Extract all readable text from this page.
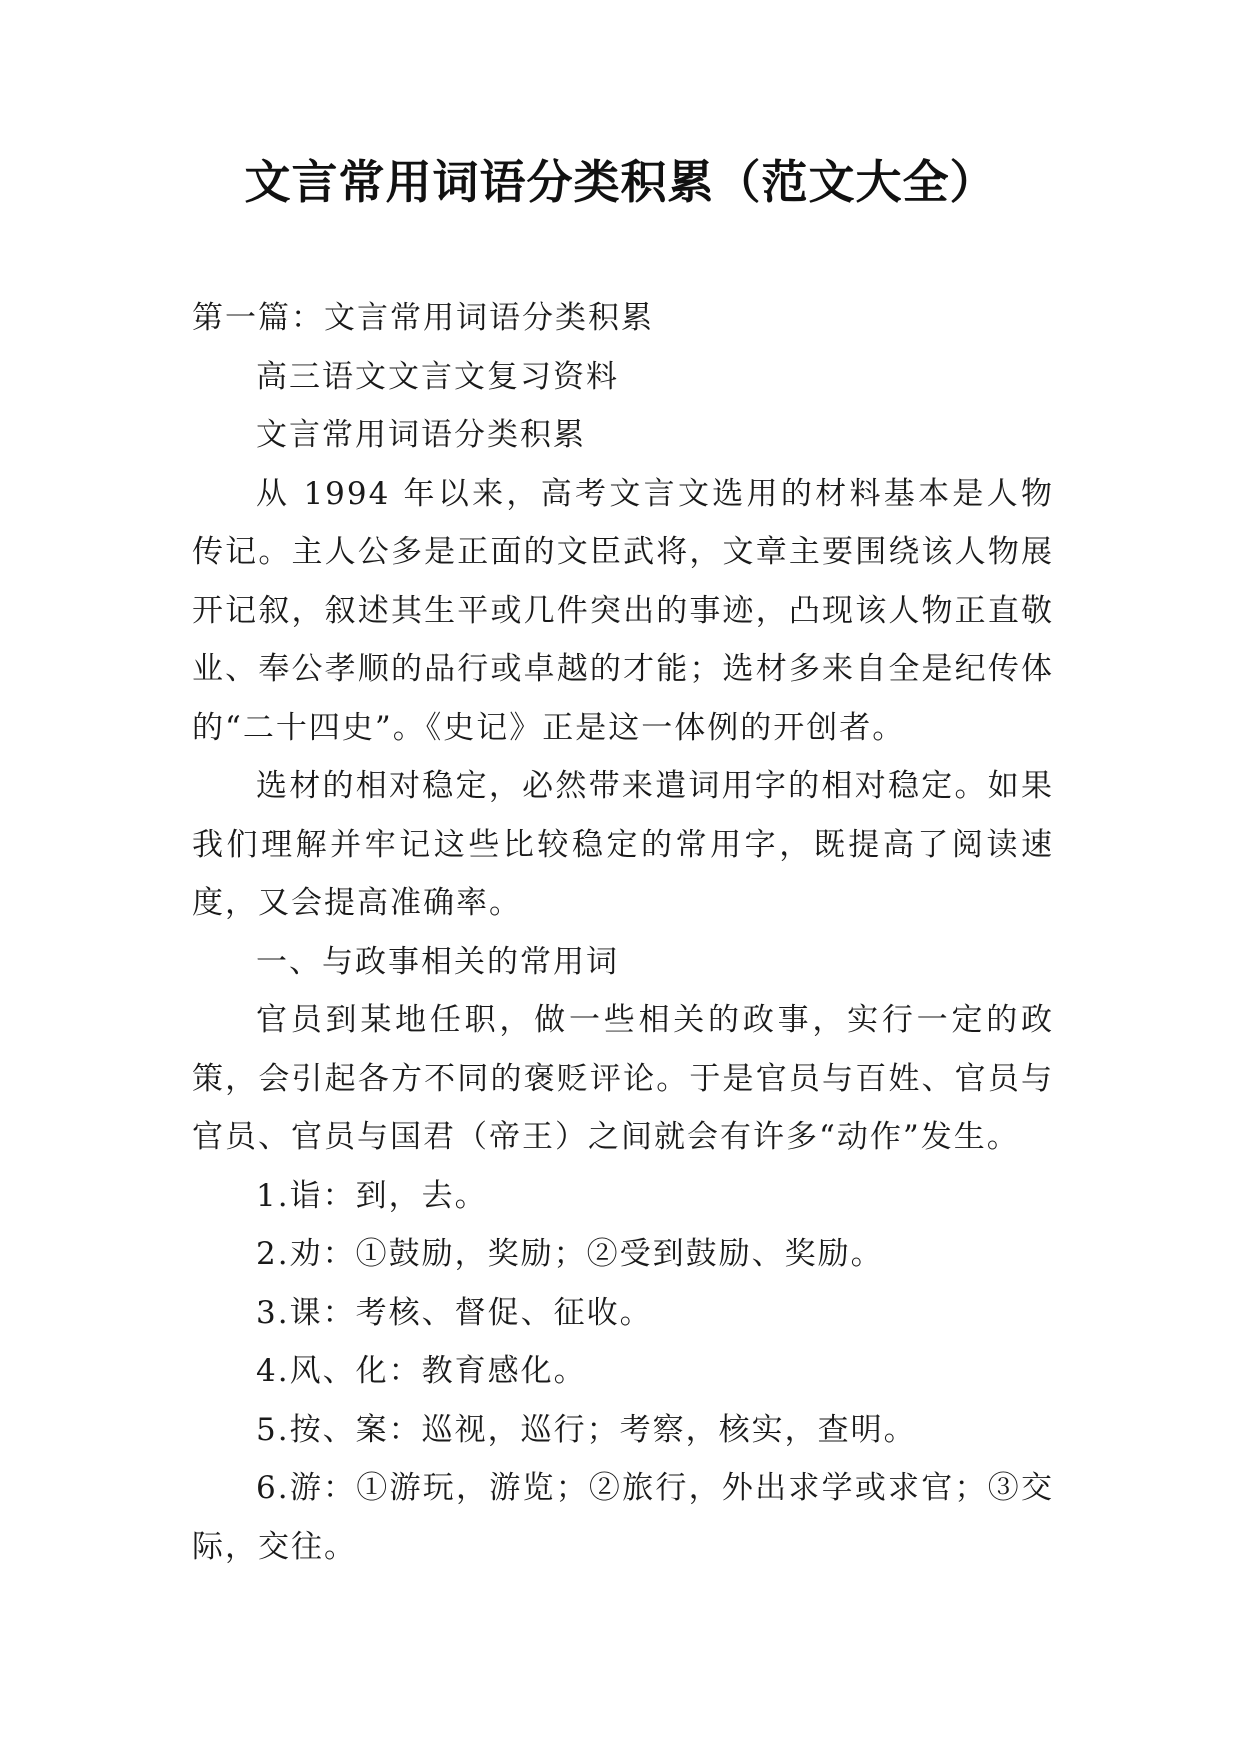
文言常用词语分类积累（范文大全）

第一篇：文言常用词语分类积累

高三语文文言文复习资料

文言常用词语分类积累

从 1994 年以来，高考文言文选用的材料基本是人物传记。主人公多是正面的文臣武将，文章主要围绕该人物展开记叙，叙述其生平或几件突出的事迹，凸现该人物正直敬业、奉公孝顺的品行或卓越的才能；选材多来自全是纪传体的“二十四史”。《史记》正是这一体例的开创者。

选材的相对稳定，必然带来遣词用字的相对稳定。如果我们理解并牢记这些比较稳定的常用字，既提高了阅读速度，又会提高准确率。

一、与政事相关的常用词

官员到某地任职，做一些相关的政事，实行一定的政策，会引起各方不同的褒贬评论。于是官员与百姓、官员与官员、官员与国君（帝王）之间就会有许多“动作”发生。

1.诣：到，去。

2.劝：①鼓励，奖励；②受到鼓励、奖励。

3.课：考核、督促、征收。

4.风、化：教育感化。

5.按、案：巡视，巡行；考察，核实，查明。

6.游：①游玩，游览；②旅行，外出求学或求官；③交际，交往。
